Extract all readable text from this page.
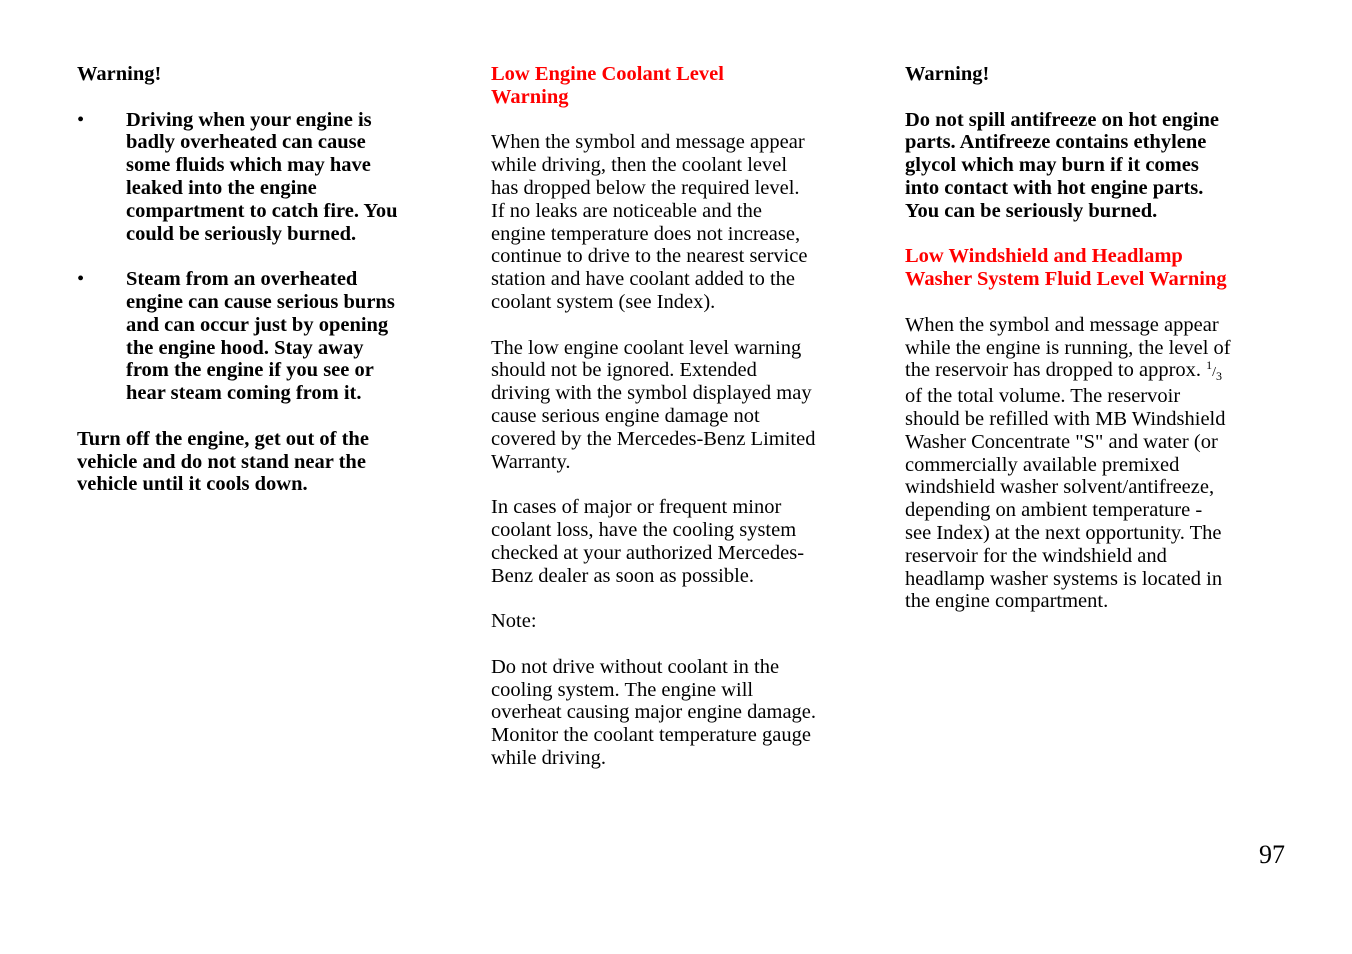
Warning!
• Driving when your engine is
badly overheated can cause
some fluids which may have
leaked into the engine
compartment to catch fire. You
could be seriously burned.
• Steam from an overheated
engine can cause serious burns
and can occur just by opening
the engine hood. Stay away
from the engine if you see or
hear steam coming from it.
Turn off the engine, get out of the
vehicle and do not stand near the
vehicle until it cools down.
Low Engine Coolant Level
Warning
When the symbol and message appear
while driving, then the coolant level
has dropped below the required level.
If no leaks are noticeable and the
engine temperature does not increase,
continue to drive to the nearest service
station and have coolant added to the
coolant system (see Index).
The low engine coolant level warning
should not be ignored. Extended
driving with the symbol displayed may
cause serious engine damage not
covered by the Mercedes-Benz Limited
Warranty.
In cases of major or frequent minor
coolant loss, have the cooling system
checked at your authorized Mercedes-
Benz dealer as soon as possible.
Note:
Do not drive without coolant in the
cooling system. The engine will
overheat causing major engine damage.
Monitor the coolant temperature gauge
while driving.
Warning!
Do not spill antifreeze on hot engine
parts. Antifreeze contains ethylene
glycol which may burn if it comes
into contact with hot engine parts.
You can be seriously burned.
Low Windshield and Headlamp
Washer System Fluid Level Warning
When the symbol and message appear
while the engine is running, the level of
the reservoir has dropped to approx. $^1/_3$
of the total volume. The reservoir
should be refilled with MB Windshield
Washer Concentrate "S" and water (or
commercially available premixed
windshield washer solvent/antifreeze,
depending on ambient temperature -
see Index) at the next opportunity. The
reservoir for the windshield and
headlamp washer systems is located in
the engine compartment.
97
